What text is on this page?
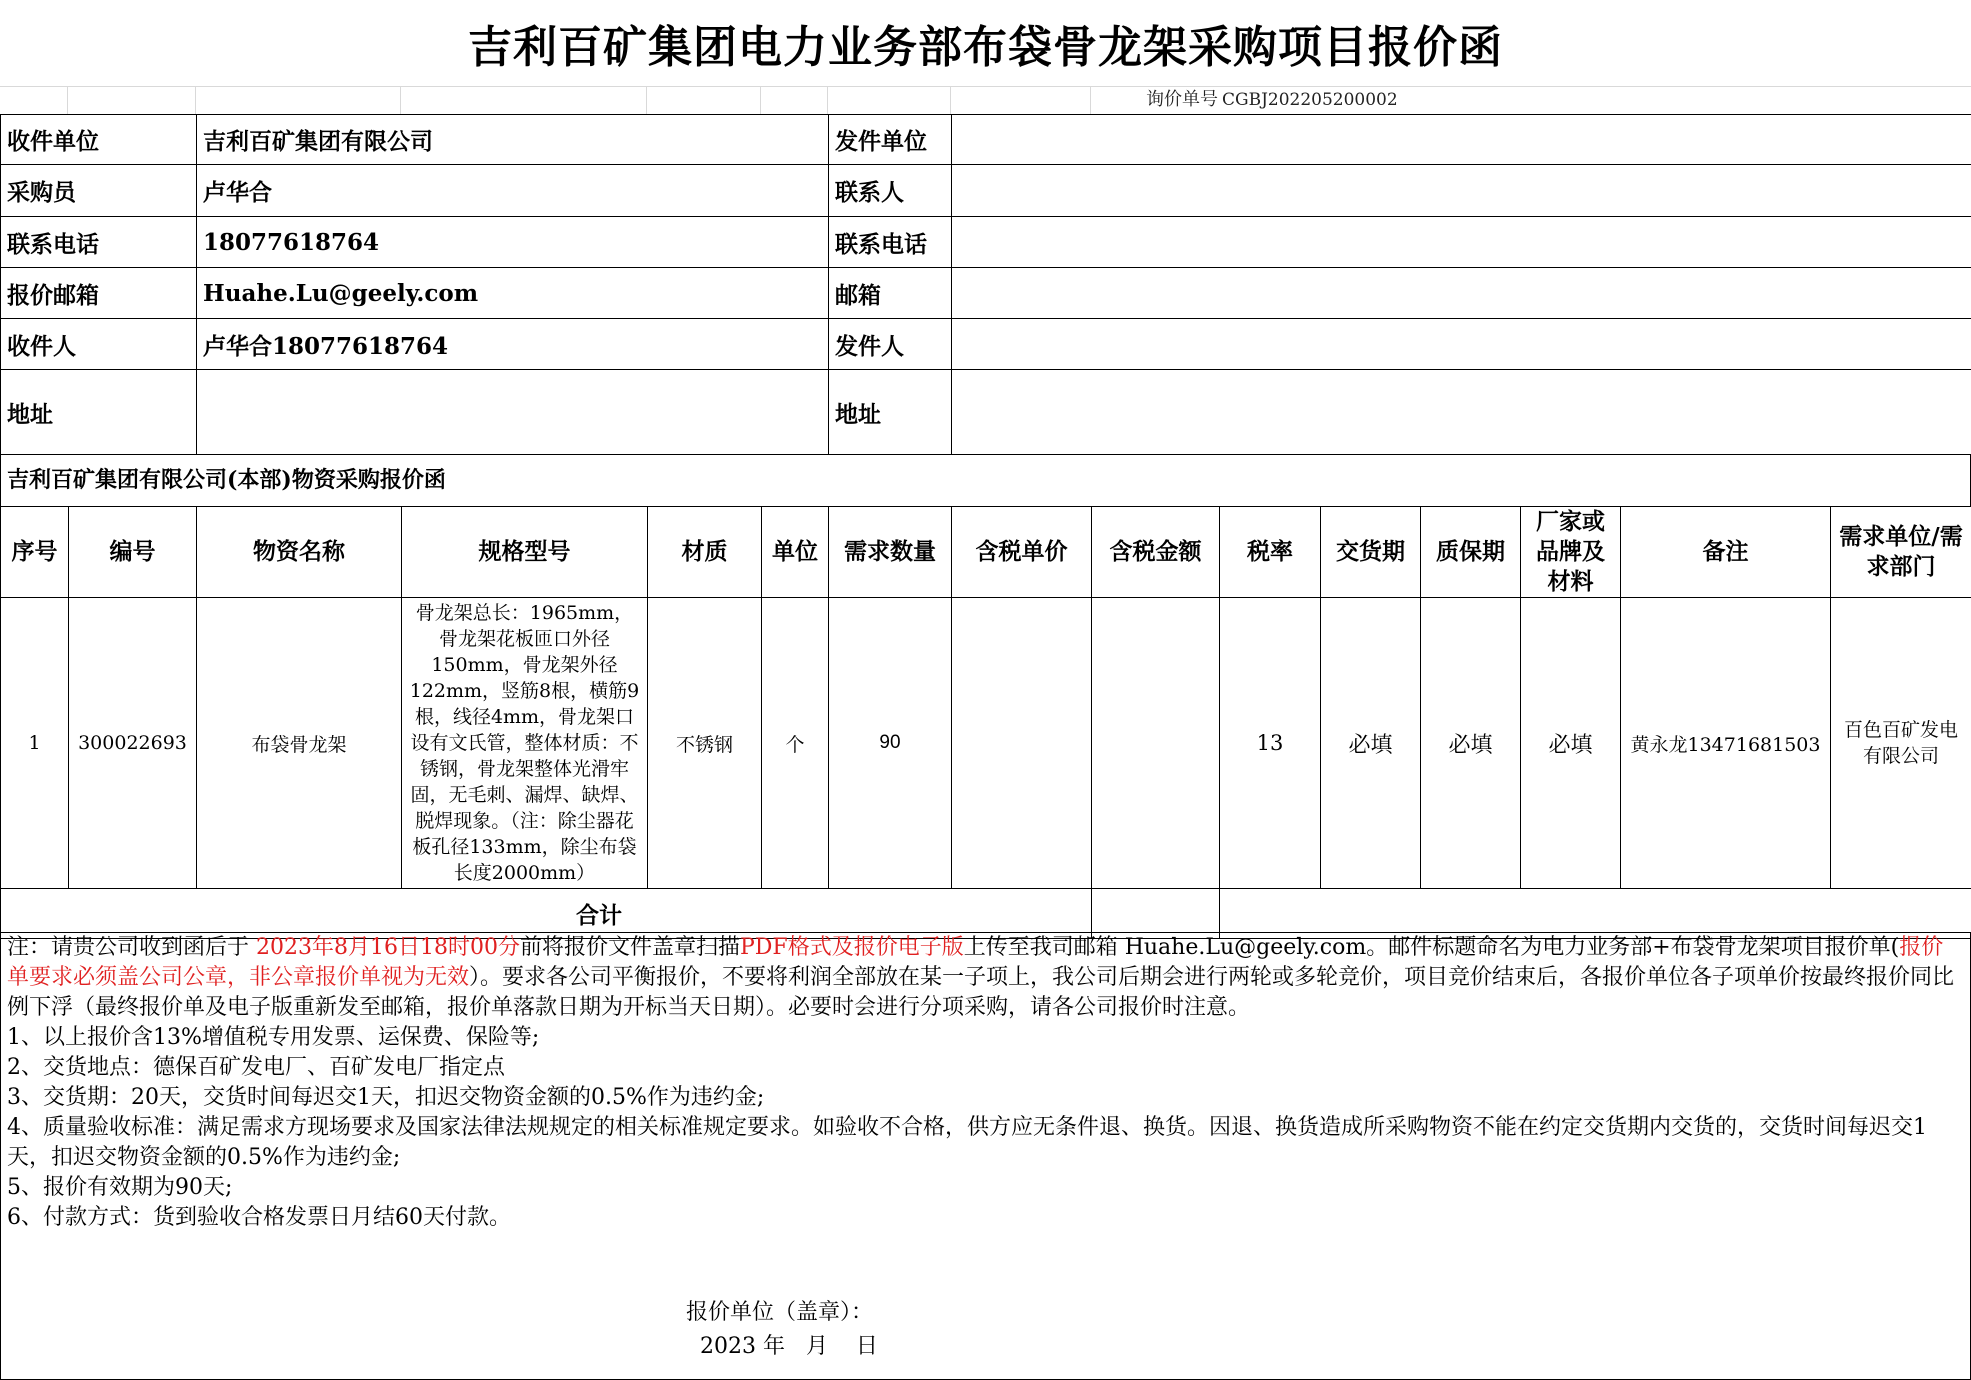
吉利百矿集团电力业务部布袋骨龙架采购项目报价函
询价单号 CGBJ202205200002
收件单位	吉利百矿集团有限公司	发件单位	
采购员	卢华合	联系人	
联系电话	18077618764	联系电话	
报价邮箱	Huahe.Lu@geely.com	邮箱	
收件人	卢华合18077618764	发件人	
地址		地址	
吉利百矿集团有限公司(本部)物资采购报价函
序号	编号	物资名称	规格型号	材质	单位	需求数量	含税单价	含税金额	税率	交货期	质保期	厂家或品牌及材料	备注	需求单位/需求部门
1	300022693	布袋骨龙架	骨龙架总长：1965mm，骨龙架花板匝口外径150mm，骨龙架外径122mm，竖筋8根，横筋9根，线径4mm，骨龙架口设有文氏管，整体材质：不锈钢，骨龙架整体光滑牢固，无毛刺、漏焊、缺焊、脱焊现象。（注：除尘器花板孔径133mm，除尘布袋长度2000mm）	不锈钢	个	90			13	必填	必填	必填	黄永龙13471681503	百色百矿发电有限公司
合计														

注：请贵公司收到函后于 2023年8月16日18时00分前将报价文件盖章扫描PDF格式及报价电子版上传至我司邮箱 Huahe.Lu@geely.com。邮件标题命名为电力业务部+布袋骨龙架项目报价单(报价单要求必须盖公司公章，非公章报价单视为无效）。要求各公司平衡报价，不要将利润全部放在某一子项上，我公司后期会进行两轮或多轮竞价，项目竞价结束后，各报价单位各子项单价按最终报价同比例下浮（最终报价单及电子版重新发至邮箱，报价单落款日期为开标当天日期）。必要时会进行分项采购，请各公司报价时注意。

1、以上报价含13%增值税专用发票、运保费、保险等;

2、交货地点：德保百矿发电厂、百矿发电厂指定点

3、交货期：20天，交货时间每迟交1天，扣迟交物资金额的0.5%作为违约金;

4、质量验收标准：满足需求方现场要求及国家法律法规规定的相关标准规定要求。如验收不合格，供方应无条件退、换货。因退、换货造成所采购物资不能在约定交货期内交货的，交货时间每迟交1天，扣迟交物资金额的0.5%作为违约金;

5、报价有效期为90天;

6、付款方式：货到验收合格发票日月结60天付款。

报价单位（盖章）：
2023 年   月    日
